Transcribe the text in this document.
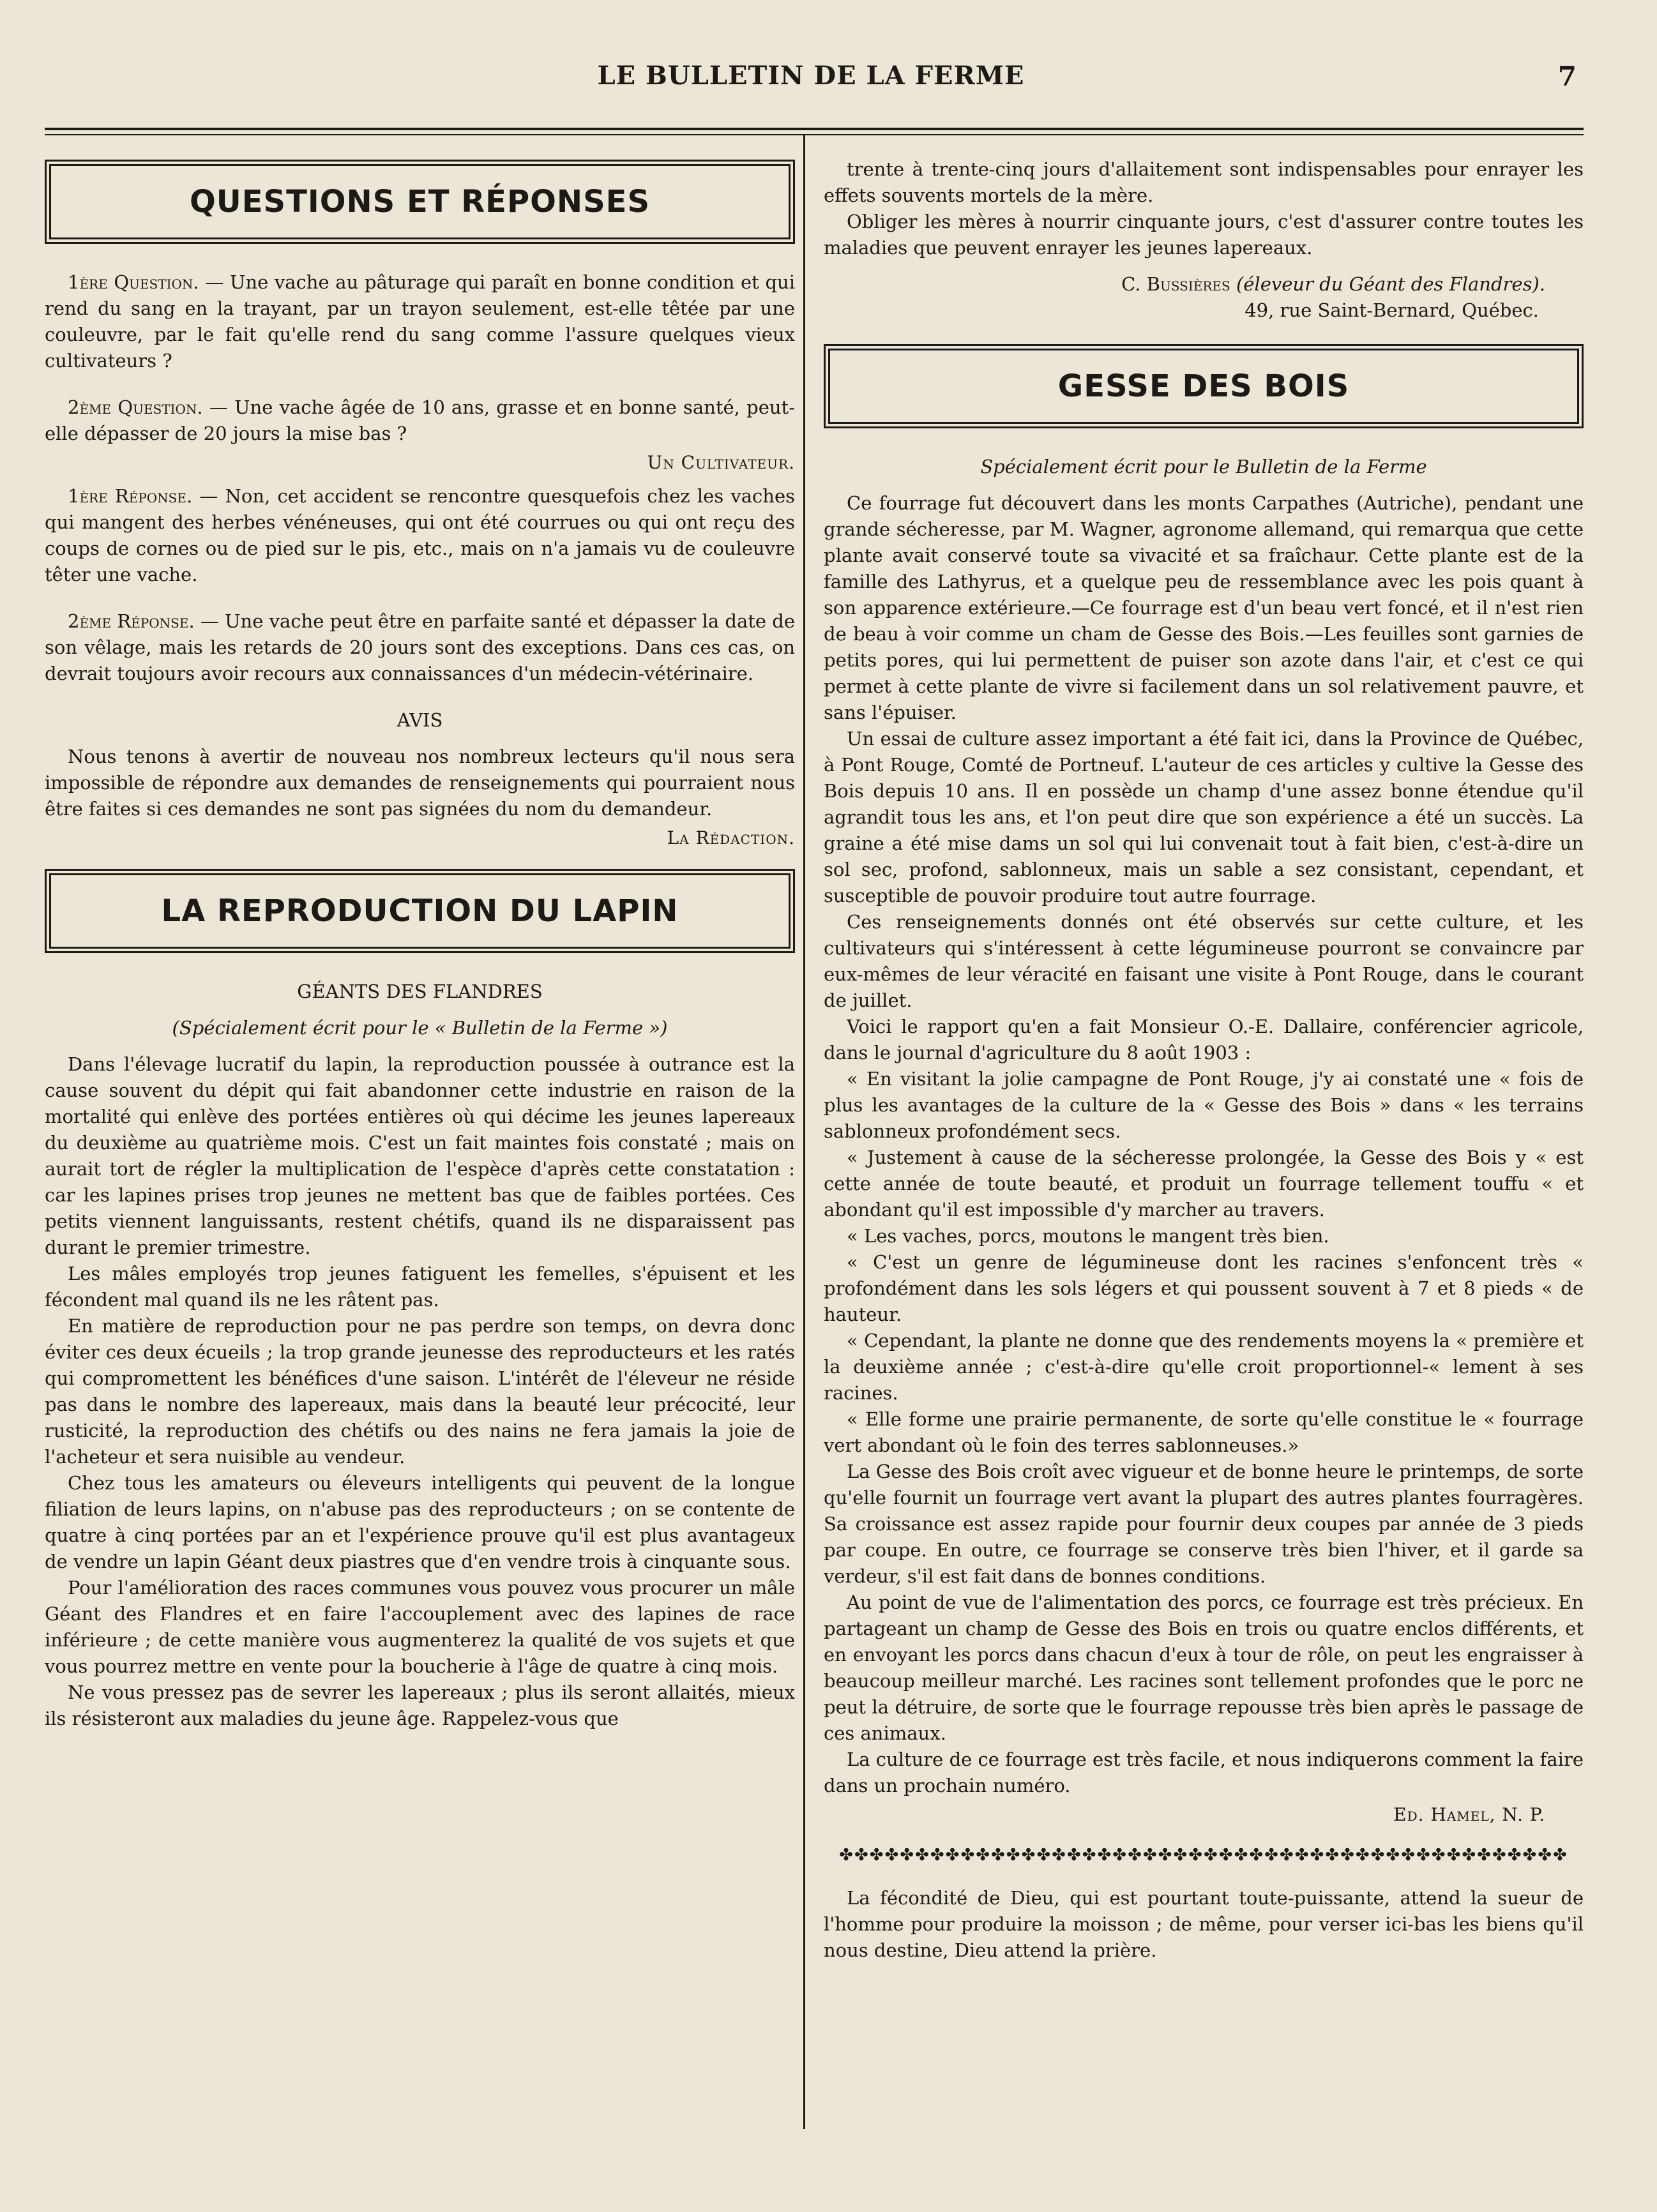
LE BULLETIN DE LA FERME	7
QUESTIONS ET RÉPONSES

1ère Question. — Une vache au pâturage qui paraît en bonne condition et qui rend du sang en la trayant, par un trayon seulement, est-elle têtée par une couleuvre, par le fait qu'elle rend du sang comme l'assure quelques vieux cultivateurs ?

2ème Question. — Une vache âgée de 10 ans, grasse et en bonne santé, peut-elle dépasser de 20 jours la mise bas ?

Un Cultivateur.

1ère Réponse. — Non, cet accident se rencontre quesquefois chez les vaches qui mangent des herbes vénéneuses, qui ont été courrues ou qui ont reçu des coups de cornes ou de pied sur le pis, etc., mais on n'a jamais vu de couleuvre têter une vache.

2ème Réponse. — Une vache peut être en parfaite santé et dépasser la date de son vêlage, mais les retards de 20 jours sont des exceptions. Dans ces cas, on devrait toujours avoir recours aux connaissances d'un médecin-vétérinaire.

AVIS

Nous tenons à avertir de nouveau nos nombreux lecteurs qu'il nous sera impossible de répondre aux demandes de renseignements qui pourraient nous être faites si ces demandes ne sont pas signées du nom du demandeur.

La Rédaction.
LA REPRODUCTION DU LAPIN

GÉANTS DES FLANDRES

(Spécialement écrit pour le « Bulletin de la Ferme »)

Dans l'élevage lucratif du lapin, la reproduction poussée à outrance est la cause souvent du dépit qui fait abandonner cette industrie en raison de la mortalité qui enlève des portées entières où qui décime les jeunes lapereaux du deuxième au quatrième mois. C'est un fait maintes fois constaté ; mais on aurait tort de régler la multiplication de l'espèce d'après cette constatation : car les lapines prises trop jeunes ne mettent bas que de faibles portées. Ces petits viennent languissants, restent chétifs, quand ils ne disparaissent pas durant le premier trimestre.

Les mâles employés trop jeunes fatiguent les femelles, s'épuisent et les fécondent mal quand ils ne les râtent pas.

En matière de reproduction pour ne pas perdre son temps, on devra donc éviter ces deux écueils ; la trop grande jeunesse des reproducteurs et les ratés qui compromettent les bénéfices d'une saison. L'intérêt de l'éleveur ne réside pas dans le nombre des lapereaux, mais dans la beauté leur précocité, leur rusticité, la reproduction des chétifs ou des nains ne fera jamais la joie de l'acheteur et sera nuisible au vendeur.

Chez tous les amateurs ou éleveurs intelligents qui peuvent de la longue filiation de leurs lapins, on n'abuse pas des reproducteurs ; on se contente de quatre à cinq portées par an et l'expérience prouve qu'il est plus avantageux de vendre un lapin Géant deux piastres que d'en vendre trois à cinquante sous.

Pour l'amélioration des races communes vous pouvez vous procurer un mâle Géant des Flandres et en faire l'accouplement avec des lapines de race inférieure ; de cette manière vous augmenterez la qualité de vos sujets et que vous pourrez mettre en vente pour la boucherie à l'âge de quatre à cinq mois.

Ne vous pressez pas de sevrer les lapereaux ; plus ils seront allaités, mieux ils résisteront aux maladies du jeune âge. Rappelez-vous que

trente à trente-cinq jours d'allaitement sont indispensables pour enrayer les effets souvents mortels de la mère.

Obliger les mères à nourrir cinquante jours, c'est d'assurer contre toutes les maladies que peuvent enrayer les jeunes lapereaux.

C. Bussières (éleveur du Géant des Flandres).

49, rue Saint-Bernard, Québec.

GESSE DES BOIS

Spécialement écrit pour le Bulletin de la Ferme

Ce fourrage fut découvert dans les monts Carpathes (Autriche), pendant une grande sécheresse, par M. Wagner, agronome allemand, qui remarqua que cette plante avait conservé toute sa vivacité et sa fraîchaur. Cette plante est de la famille des Lathyrus, et a quelque peu de ressemblance avec les pois quant à son apparence extérieure.—Ce fourrage est d'un beau vert foncé, et il n'est rien de beau à voir comme un cham de Gesse des Bois.—Les feuilles sont garnies de petits pores, qui lui permettent de puiser son azote dans l'air, et c'est ce qui permet à cette plante de vivre si facilement dans un sol relativement pauvre, et sans l'épuiser.

Un essai de culture assez important a été fait ici, dans la Province de Québec, à Pont Rouge, Comté de Portneuf. L'auteur de ces articles y cultive la Gesse des Bois depuis 10 ans. Il en possède un champ d'une assez bonne étendue qu'il agrandit tous les ans, et l'on peut dire que son expérience a été un succès. La graine a été mise dams un sol qui lui convenait tout à fait bien, c'est-à-dire un sol sec, profond, sablonneux, mais un sable a sez consistant, cependant, et susceptible de pouvoir produire tout autre fourrage.

Ces renseignements donnés ont été observés sur cette culture, et les cultivateurs qui s'intéressent à cette légumineuse pourront se convaincre par eux-mêmes de leur véracité en faisant une visite à Pont Rouge, dans le courant de juillet.

Voici le rapport qu'en a fait Monsieur O.-E. Dallaire, conférencier agricole, dans le journal d'agriculture du 8 août 1903 :

« En visitant la jolie campagne de Pont Rouge, j'y ai constaté une « fois de plus les avantages de la culture de la « Gesse des Bois » dans « les terrains sablonneux profondément secs.

« Justement à cause de la sécheresse prolongée, la Gesse des Bois y « est cette année de toute beauté, et produit un fourrage tellement touffu « et abondant qu'il est impossible d'y marcher au travers.

« Les vaches, porcs, moutons le mangent très bien.

« C'est un genre de légumineuse dont les racines s'enfoncent très « profondément dans les sols légers et qui poussent souvent à 7 et 8 pieds « de hauteur.

« Cependant, la plante ne donne que des rendements moyens la « première et la deuxième année ; c'est-à-dire qu'elle croit proportionnel-« lement à ses racines.

« Elle forme une prairie permanente, de sorte qu'elle constitue le « fourrage vert abondant où le foin des terres sablonneuses.»

La Gesse des Bois croît avec vigueur et de bonne heure le printemps, de sorte qu'elle fournit un fourrage vert avant la plupart des autres plantes fourragères. Sa croissance est assez rapide pour fournir deux coupes par année de 3 pieds par coupe. En outre, ce fourrage se conserve très bien l'hiver, et il garde sa verdeur, s'il est fait dans de bonnes conditions.

Au point de vue de l'alimentation des porcs, ce fourrage est très précieux. En partageant un champ de Gesse des Bois en trois ou quatre enclos différents, et en envoyant les porcs dans chacun d'eux à tour de rôle, on peut les engraisser à beaucoup meilleur marché. Les racines sont tellement profondes que le porc ne peut la détruire, de sorte que le fourrage repousse très bien après le passage de ces animaux.

La culture de ce fourrage est très facile, et nous indiquerons comment la faire dans un prochain numéro.

Ed. Hamel, N. P.
✤✤✤✤✤✤✤✤✤✤✤✤✤✤✤✤✤✤✤✤✤✤✤✤✤✤✤✤✤✤✤✤✤✤✤✤✤✤✤✤✤✤✤✤✤✤✤✤

La fécondité de Dieu, qui est pourtant toute-puissante, attend la sueur de l'homme pour produire la moisson ; de même, pour verser ici-bas les biens qu'il nous destine, Dieu attend la prière.
